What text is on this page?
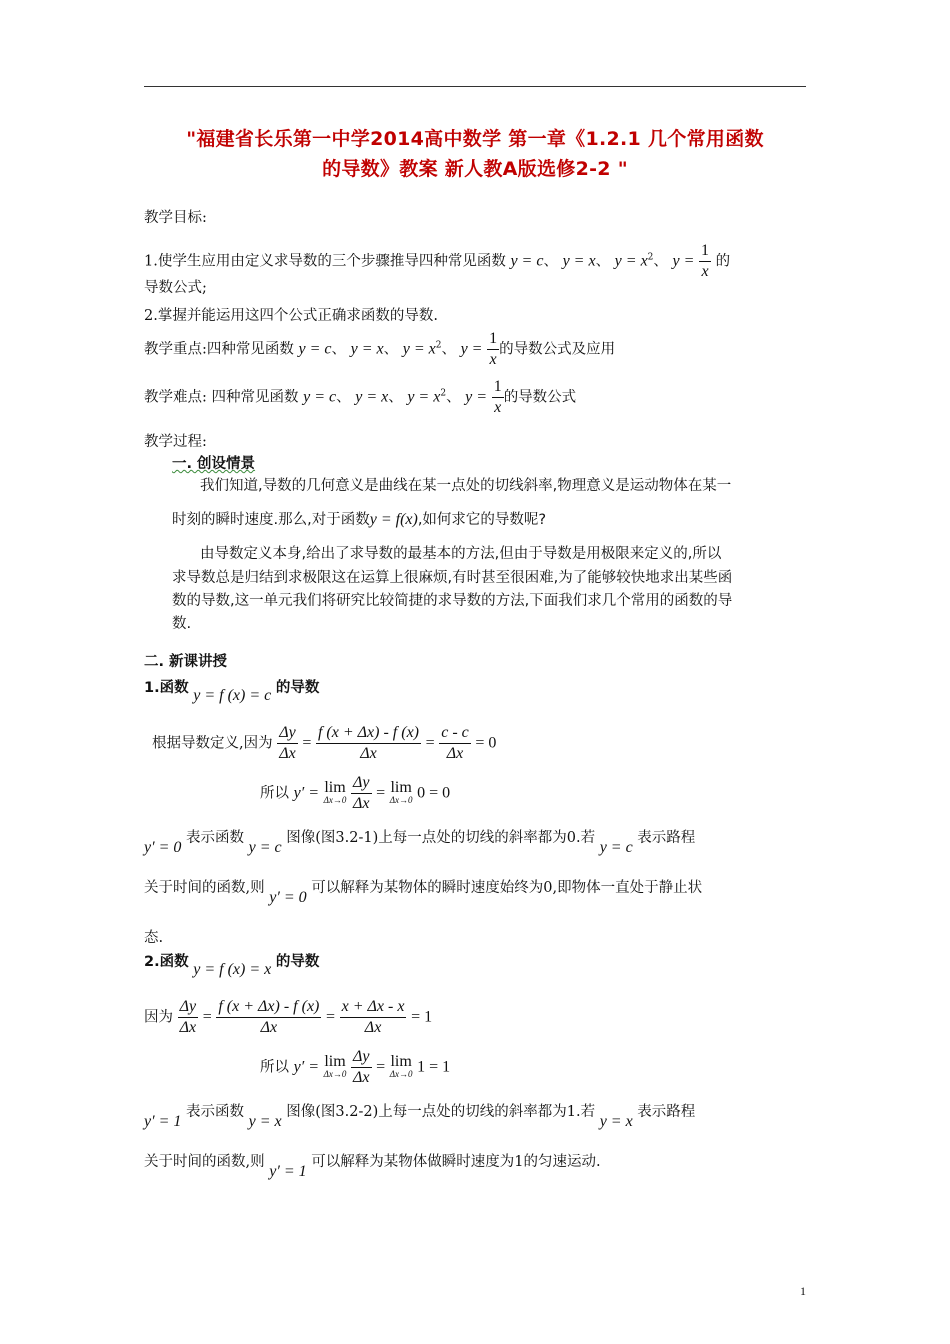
"福建省长乐第一中学2014高中数学 第一章《1.2.1 几个常用函数
的导数》教案 新人教A版选修2-2 "
教学目标:
1.使学生应用由定义求导数的三个步骤推导四种常见函数 y = c、 y = x、 $y = x^2$、 $y = \frac{1}{x}$ 的
导数公式;
2.掌握并能运用这四个公式正确求函数的导数.
教学重点:四种常见函数 y = c、 y = x、 $y = x^2$、 $y = \frac{1}{x}$ 的导数公式及应用
教学难点: 四种常见函数 y = c、 y = x、 $y = x^2$、 $y = \frac{1}{x}$ 的导数公式
教学过程:
一. 创设情景
我们知道,导数的几何意义是曲线在某一点处的切线斜率,物理意义是运动物体在某一
时刻的瞬时速度.那么,对于函数y = f(x),如何求它的导数呢?
由导数定义本身,给出了求导数的最基本的方法,但由于导数是用极限来定义的,所以
求导数总是归结到求极限这在运算上很麻烦,有时甚至很困难,为了能够较快地求出某些函
数的导数,这一单元我们将研究比较简捷的求导数的方法,下面我们求几个常用的函数的导
数.
二. 新课讲授
1.函数 y = f (x) = c 的导数
根据导数定义,因为 $\frac{\Delta y}{\Delta x} = \frac{f (x + \Delta x) - f (x)}{\Delta x} = \frac{c - c}{\Delta x} = 0$
所以 y′ = lim
Δx→0
$\frac{\Delta y}{\Delta x} = \lim$
Δx→0 0 = 0
y′ = 0 表示函数 y = c 图像(图3.2-1)上每一点处的切线的斜率都为0.若 y = c 表示路程
关于时间的函数,则 y′ = 0 可以解释为某物体的瞬时速度始终为0,即物体一直处于静止状
态.
2.函数 y = f (x) = x 的导数
因为 $\frac{\Delta y}{\Delta x} = \frac{f (x + \Delta x) - f (x)}{\Delta x} = \frac{x + \Delta x - x}{\Delta x} = 1$
所以 y′ = lim
Δx→0
$\frac{\Delta y}{\Delta x} = \lim$
Δx→0 1 = 1
y′ = 1 表示函数 y = x 图像(图3.2-2)上每一点处的切线的斜率都为1.若 y = x 表示路程
关于时间的函数,则 y′ = 1 可以解释为某物体做瞬时速度为1的匀速运动.
1
